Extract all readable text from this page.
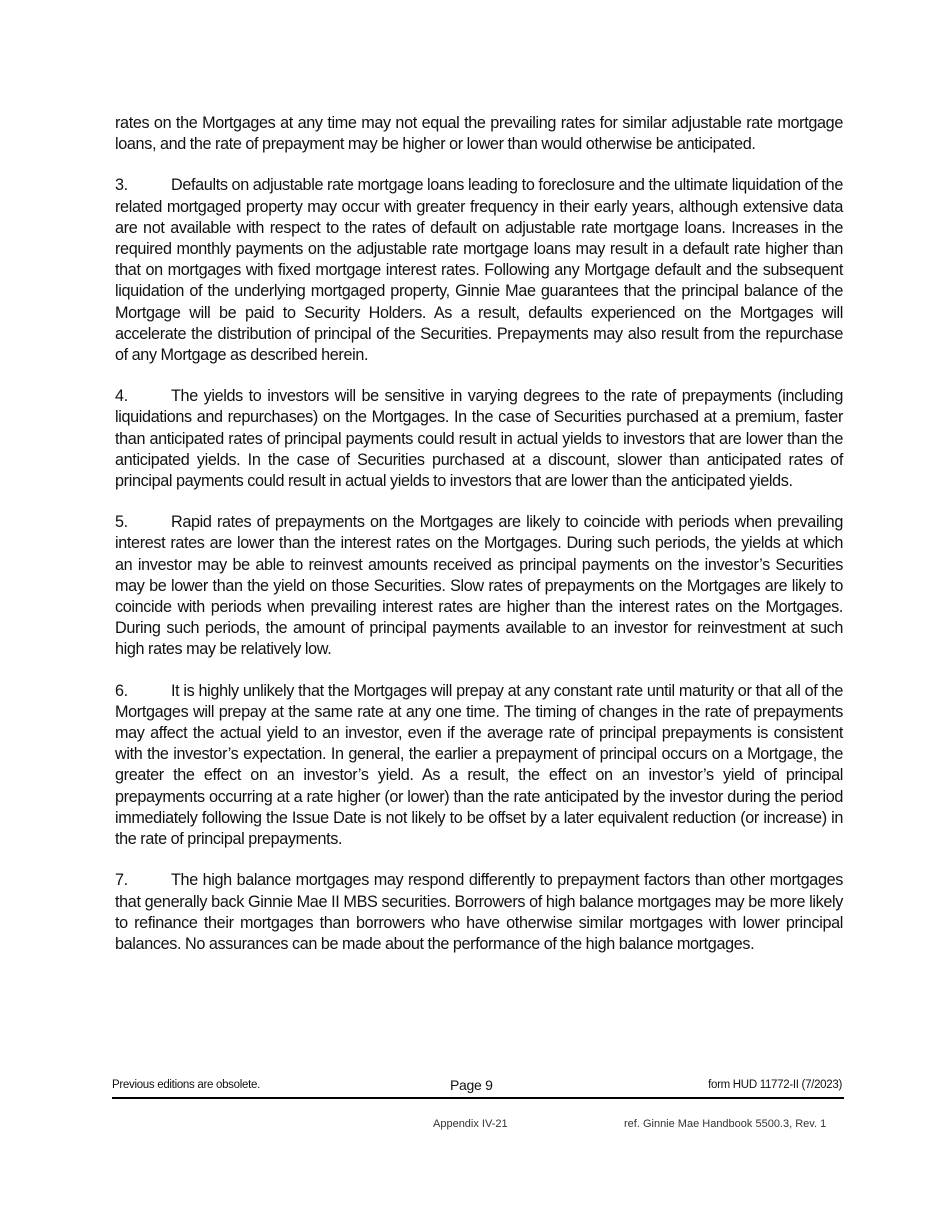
rates on the Mortgages at any time may not equal the prevailing rates for similar adjustable rate mortgage loans, and the rate of prepayment may be higher or lower than would otherwise be anticipated.

3.	Defaults on adjustable rate mortgage loans leading to foreclosure and the ultimate liquidation of the related mortgaged property may occur with greater frequency in their early years, although extensive data are not available with respect to the rates of default on adjustable rate mortgage loans. Increases in the required monthly payments on the adjustable rate mortgage loans may result in a default rate higher than that on mortgages with fixed mortgage interest rates. Following any Mortgage default and the subsequent liquidation of the underlying mortgaged property, Ginnie Mae guarantees that the principal balance of the Mortgage will be paid to Security Holders. As a result, defaults experienced on the Mortgages will accelerate the distribution of principal of the Securities. Prepayments may also result from the repurchase of any Mortgage as described herein.

4.	The yields to investors will be sensitive in varying degrees to the rate of prepayments (including liquidations and repurchases) on the Mortgages. In the case of Securities purchased at a premium, faster than anticipated rates of principal payments could result in actual yields to investors that are lower than the anticipated yields. In the case of Securities purchased at a discount, slower than anticipated rates of principal payments could result in actual yields to investors that are lower than the anticipated yields.

5.	Rapid rates of prepayments on the Mortgages are likely to coincide with periods when prevailing interest rates are lower than the interest rates on the Mortgages. During such periods, the yields at which an investor may be able to reinvest amounts received as principal payments on the investor’s Securities may be lower than the yield on those Securities. Slow rates of prepayments on the Mortgages are likely to coincide with periods when prevailing interest rates are higher than the interest rates on the Mortgages. During such periods, the amount of principal payments available to an investor for reinvestment at such high rates may be relatively low.

6.	It is highly unlikely that the Mortgages will prepay at any constant rate until maturity or that all of the Mortgages will prepay at the same rate at any one time. The timing of changes in the rate of prepayments may affect the actual yield to an investor, even if the average rate of principal prepayments is consistent with the investor’s expectation. In general, the earlier a prepayment of principal occurs on a Mortgage, the greater the effect on an investor’s yield. As a result, the effect on an investor’s yield of principal prepayments occurring at a rate higher (or lower) than the rate anticipated by the investor during the period immediately following the Issue Date is not likely to be offset by a later equivalent reduction (or increase) in the rate of principal prepayments.

7.	The high balance mortgages may respond differently to prepayment factors than other mortgages that generally back Ginnie Mae II MBS securities. Borrowers of high balance mortgages may be more likely to refinance their mortgages than borrowers who have otherwise similar mortgages with lower principal balances. No assurances can be made about the performance of the high balance mortgages.

Previous editions are obsolete.	Page 9	form HUD 11772-II (7/2023)
Appendix IV-21	ref. Ginnie Mae Handbook 5500.3, Rev. 1
